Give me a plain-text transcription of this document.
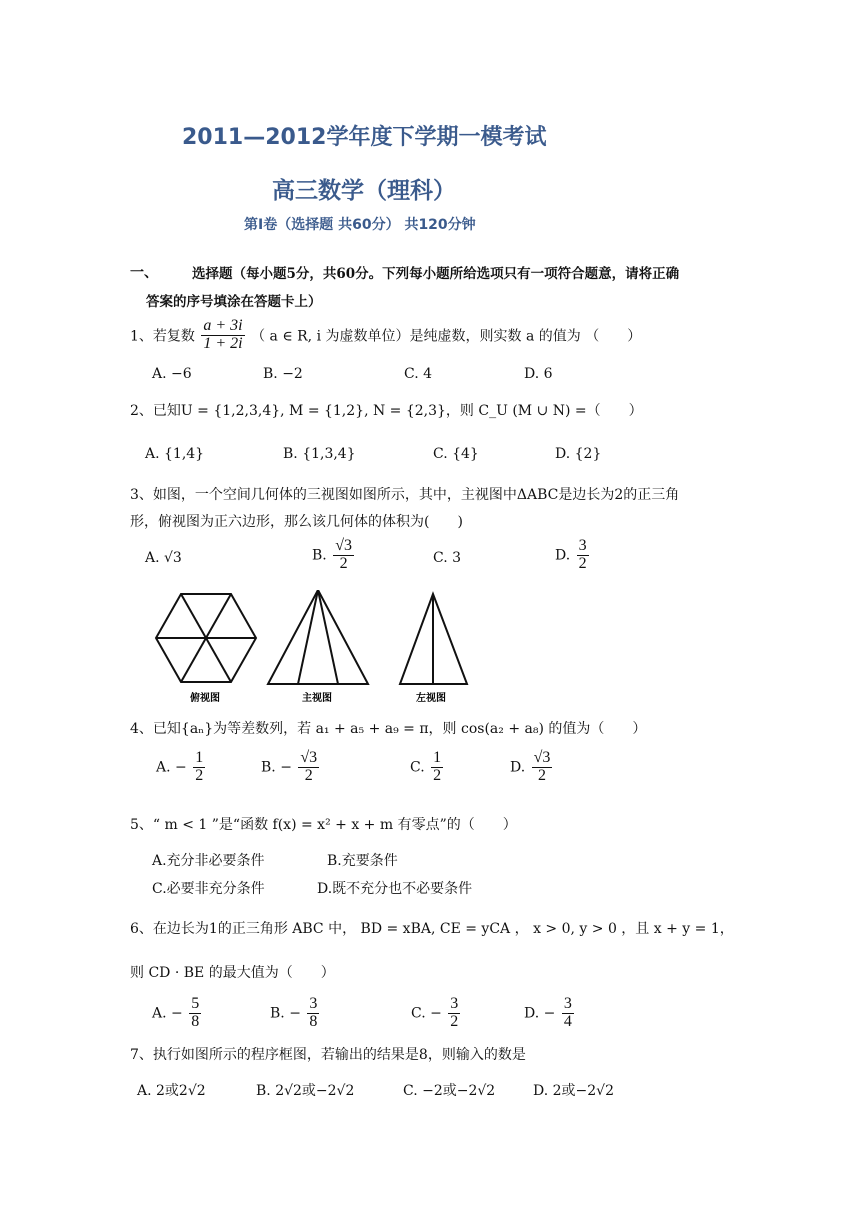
2011—2012学年度下学期一模考试
高三数学（理科）
第Ⅰ卷（选择题 共60分） 共120分钟
一、	选择题（每小题5分，共60分。下列每小题所给选项只有一项符合题意，请将正确
答案的序号填涂在答题卡上）
1、若复数 $\frac{a + 3i}{1 + 2i}$ （ a ∈ R, i 为虚数单位）是纯虚数，则实数 a 的值为 （　　）
A. −6	B. −2	C. 4	D. 6
2、已知U = {1,2,3,4}, M = {1,2}, N = {2,3}，则 C_U (M ∪ N) =（　　）
A. {1,4}	B. {1,3,4}	C. {4}	D. {2}
3、如图，一个空间几何体的三视图如图所示，其中，主视图中ΔABC是边长为2的正三角
形，俯视图为正六边形，那么该几何体的体积为(　　)
A. √3	B. $\frac{√3}{2}$	C. 3	D. $\frac{3}{2}$
俯视图	主视图	左视图
4、已知{aₙ}为等差数列，若 a₁ + a₅ + a₉ = π，则 cos(a₂ + a₈) 的值为（　　）
A. − $\frac{1}{2}$	B. − $\frac{√3}{2}$	C. $\frac{1}{2}$	D. $\frac{√3}{2}$
5、“ m < 1 ”是“函数 f(x) = x² + x + m 有零点”的（　　）
A.充分非必要条件	B.充要条件
C.必要非充分条件	D.既不充分也不必要条件
6、在边长为1的正三角形 ABC 中， BD = xBA, CE = yCA ， x > 0, y > 0 ，且 x + y = 1，
则 CD · BE 的最大值为（　　）
A. − $\frac{5}{8}$	B. − $\frac{3}{8}$	C. − $\frac{3}{2}$	D. − $\frac{3}{4}$
7、执行如图所示的程序框图，若输出的结果是8，则输入的数是
A. 2或2√2	B. 2√2或−2√2	C. −2或−2√2	D. 2或−2√2
